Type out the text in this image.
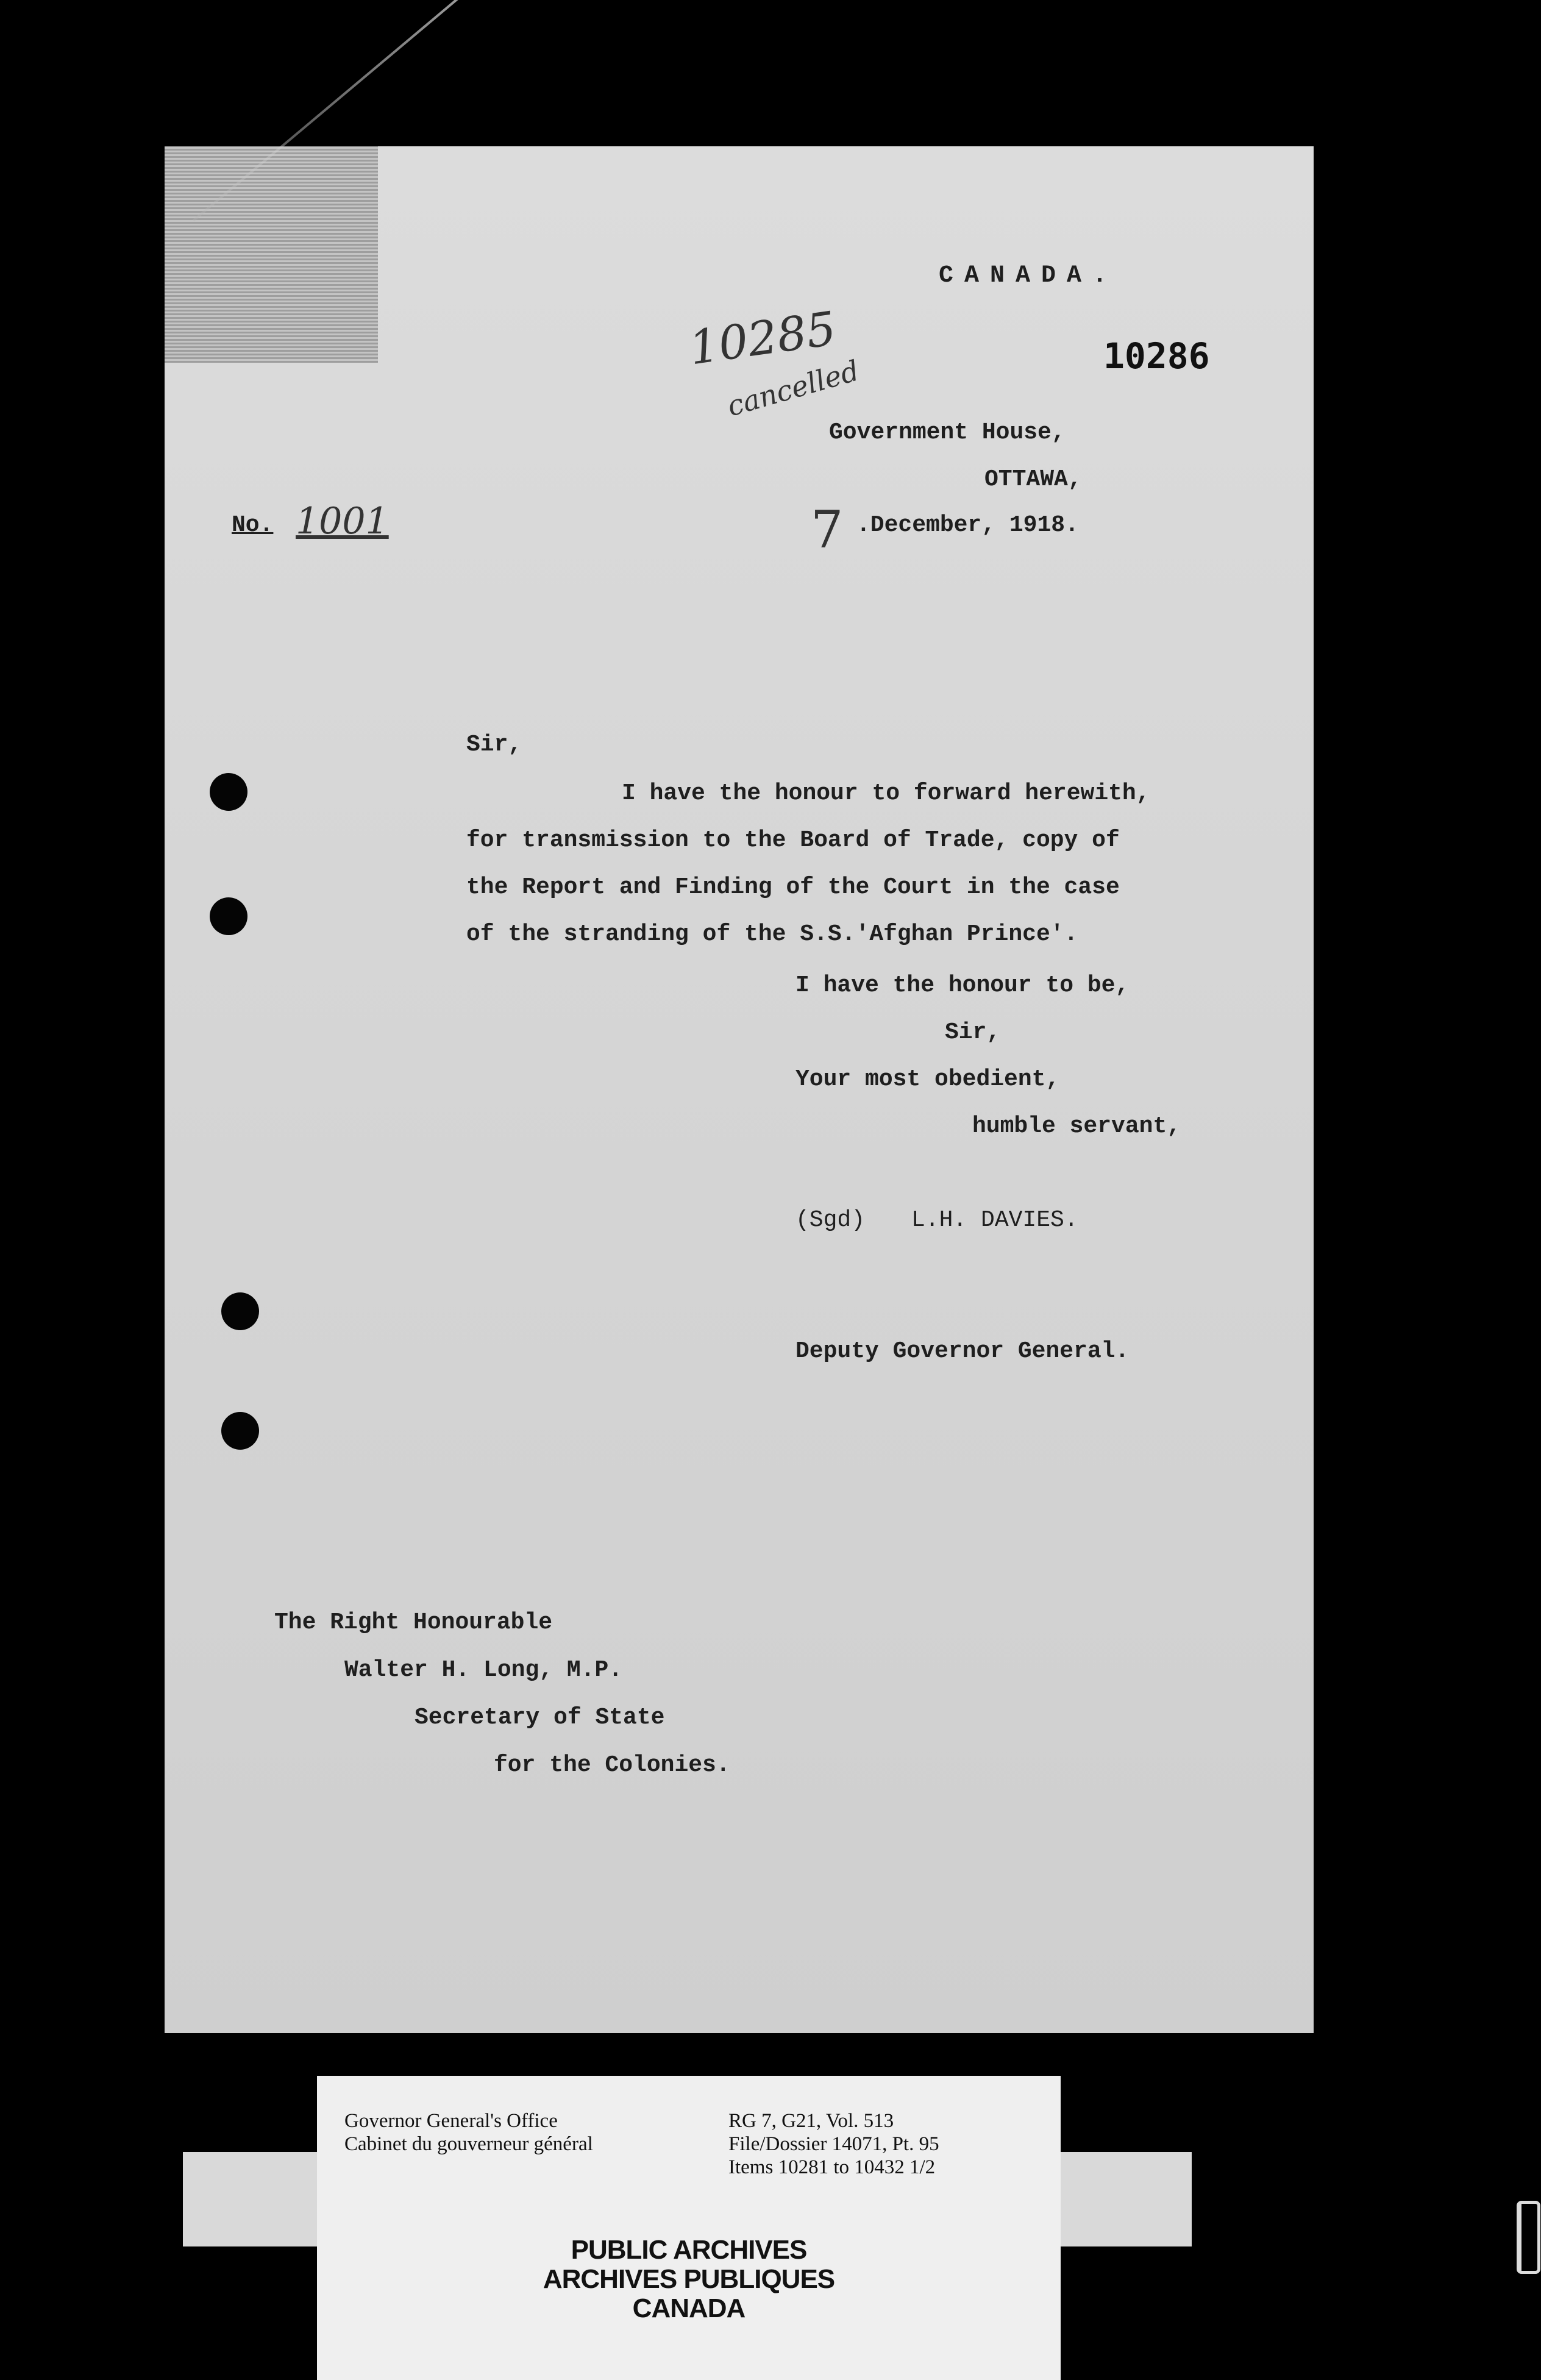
CANADA.
10286
10285
cancelled
Government House,
OTTAWA,
7 .December, 1918.
No. 1001
Sir,
I have the honour to forward herewith,
for transmission to the Board of Trade, copy of
the Report and Finding of the Court in the case
of the stranding of the S.S.'Afghan Prince'.
I have the honour to be,
Sir,
Your most obedient,
humble servant,
(Sgd) L.H. DAVIES.
Deputy Governor General.
The Right Honourable
Walter H. Long, M.P.
Secretary of State
for the Colonies.
Governor General's Office
Cabinet du gouverneur général
RG 7, G21, Vol. 513
File/Dossier 14071, Pt. 95
Items 10281 to 10432 1/2
PUBLIC ARCHIVES
ARCHIVES PUBLIQUES
CANADA
